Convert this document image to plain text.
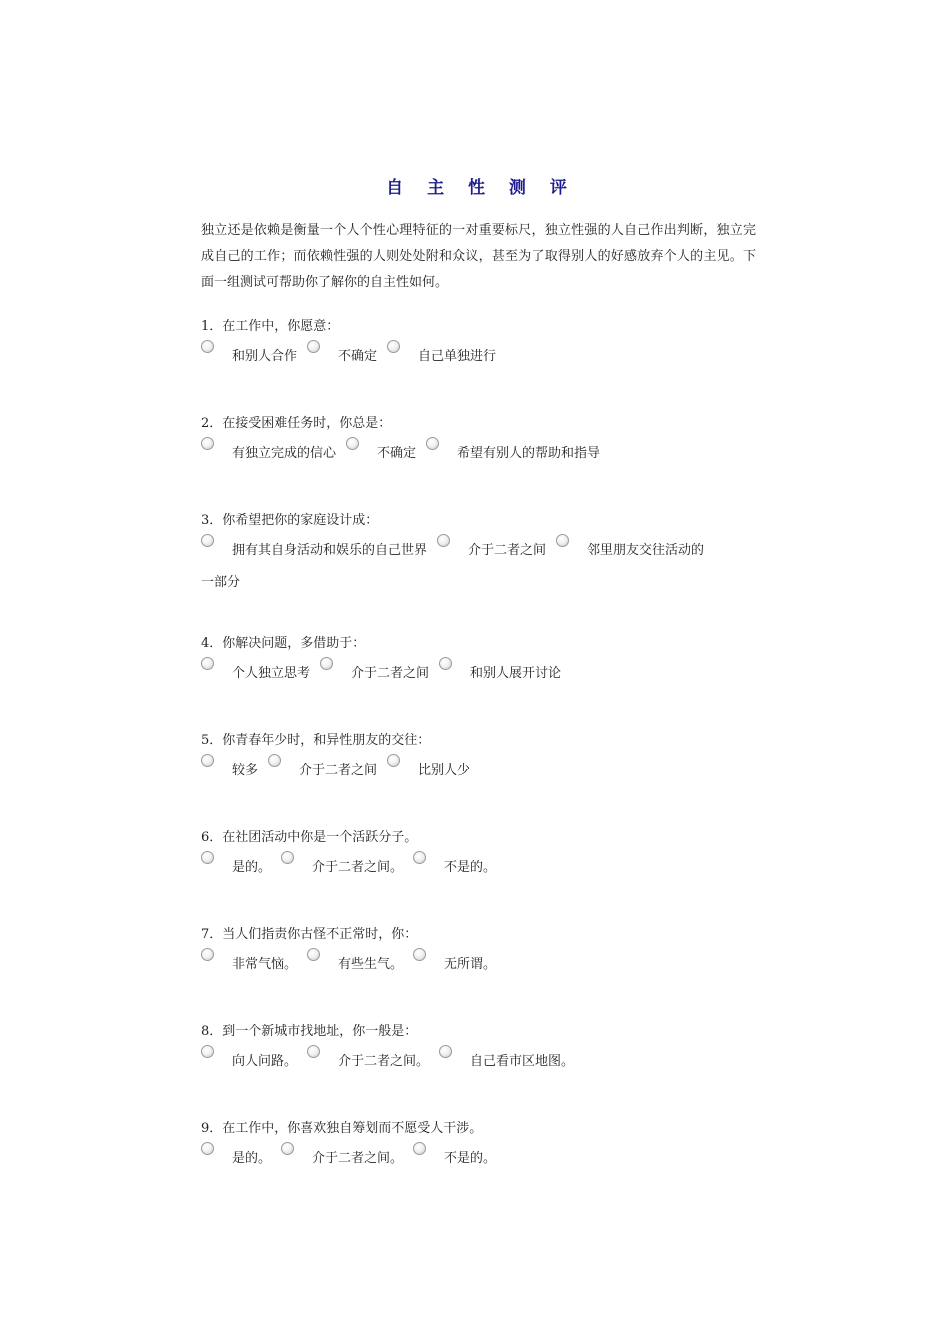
自 主 性 测 评

独立还是依赖是衡量一个人个性心理特征的一对重要标尺，独立性强的人自己作出判断，独立完成自己的工作；而依赖性强的人则处处附和众议，甚至为了取得别人的好感放弃个人的主见。下面一组测试可帮助你了解你的自主性如何。

1．在工作中，你愿意：

和别人合作	不确定	自己单独进行

2．在接受困难任务时，你总是：

有独立完成的信心	不确定	希望有别人的帮助和指导

3．你希望把你的家庭设计成：

拥有其自身活动和娱乐的自己世界	介于二者之间	邻里朋友交往活动的

一部分

4．你解决问题，多借助于：

个人独立思考	介于二者之间	和别人展开讨论

5．你青春年少时，和异性朋友的交往：

较多	介于二者之间	比别人少

6．在社团活动中你是一个活跃分子。

是的。	介于二者之间。	不是的。

7．当人们指责你古怪不正常时，你：

非常气恼。	有些生气。	无所谓。

8．到一个新城市找地址，你一般是：

向人问路。	介于二者之间。	自己看市区地图。

9．在工作中，你喜欢独自筹划而不愿受人干涉。

是的。	介于二者之间。	不是的。
